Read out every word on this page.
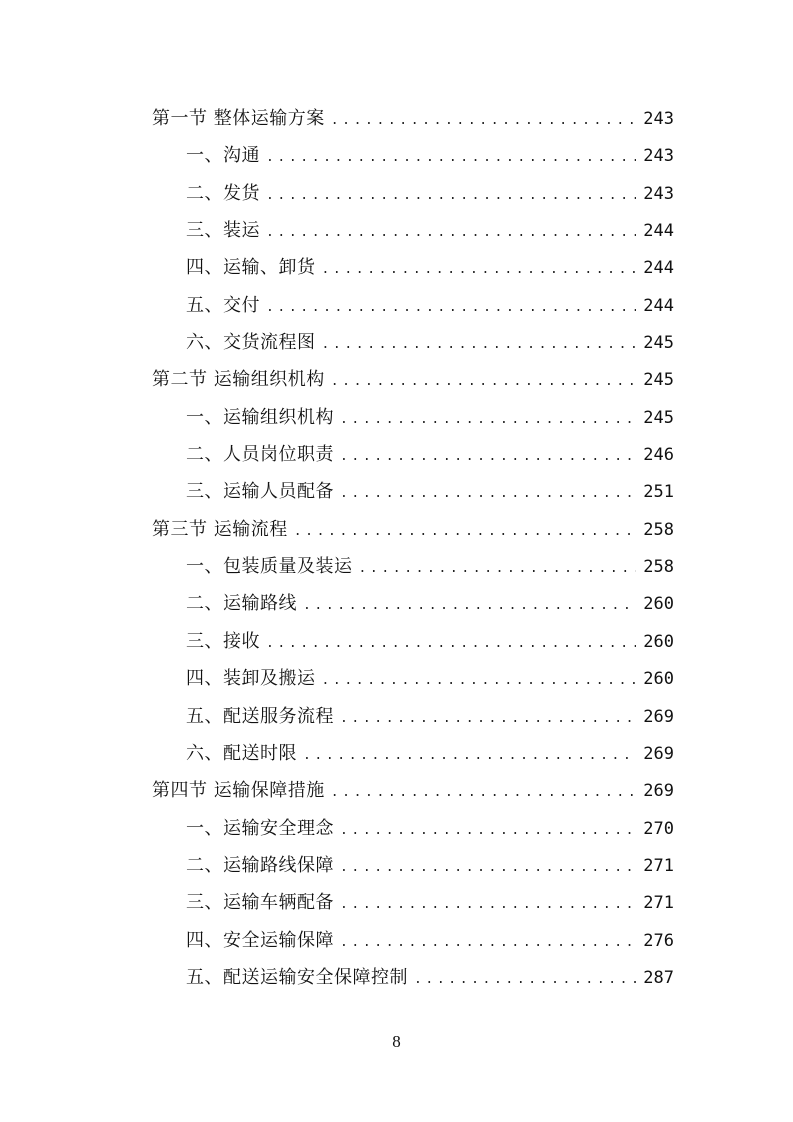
第一节 整体运输方案 .....	243
一、沟通 .....	243
二、发货 .....	243
三、装运 .....	244
四、运输、卸货 .....	244
五、交付 .....	244
六、交货流程图 .....	245
第二节 运输组织机构 .....	245
一、运输组织机构 .....	245
二、人员岗位职责 .....	246
三、运输人员配备 .....	251
第三节 运输流程 .....	258
一、包装质量及装运 .....	258
二、运输路线 .....	260
三、接收 .....	260
四、装卸及搬运 .....	260
五、配送服务流程 .....	269
六、配送时限 .....	269
第四节 运输保障措施 .....	269
一、运输安全理念 .....	270
二、运输路线保障 .....	271
三、运输车辆配备 .....	271
四、安全运输保障 .....	276
五、配送运输安全保障控制 .....	287
8
